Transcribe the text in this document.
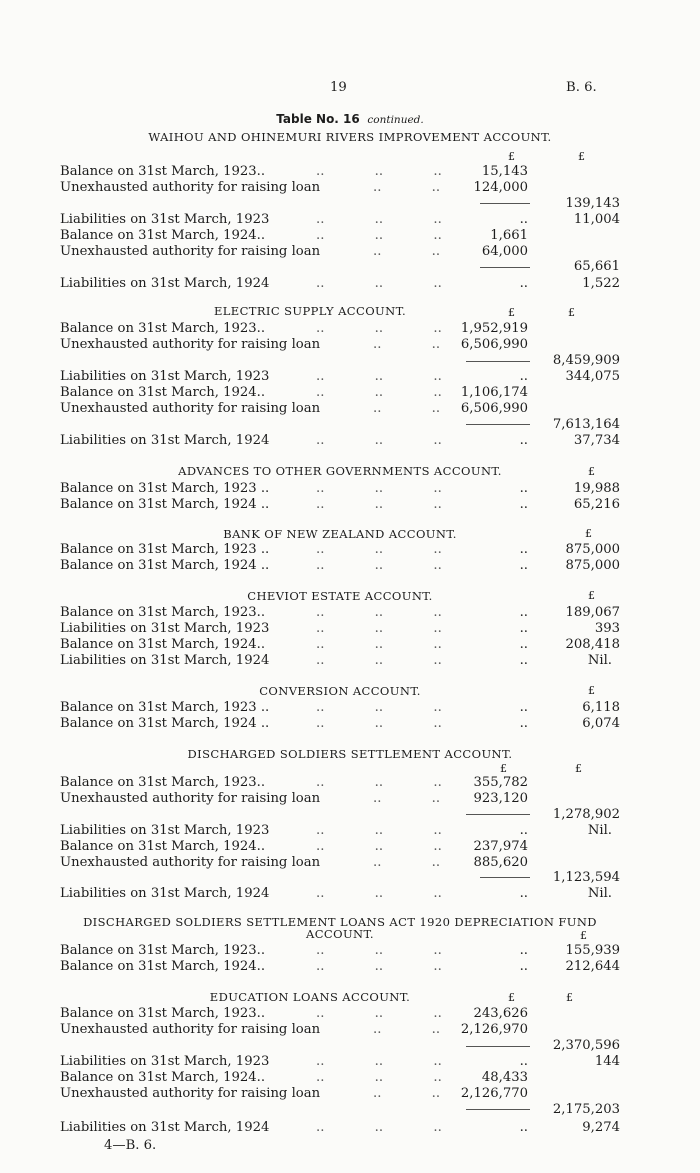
19	B. 6.
Table No. 16 continued.
WAIHOU AND OHINEMURI RIVERS IMPROVEMENT ACCOUNT.
£	£
Balance on 31st March, 1923..	..            ..            ..	15,143
Unexhausted authority for raising loan	..            ..	124,000
139,143
Liabilities on 31st March, 1923	..            ..            ..	..	11,004
Balance on 31st March, 1924..	..            ..            ..	1,661
Unexhausted authority for raising loan	..            ..	64,000
65,661
Liabilities on 31st March, 1924	..            ..            ..	..	1,522
ELECTRIC SUPPLY ACCOUNT.	£	£
Balance on 31st March, 1923..	..            ..            .. 1,952,919
Unexhausted authority for raising loan	..            .. 6,506,990
8,459,909
Liabilities on 31st March, 1923	..            ..            ..	..	344,075
Balance on 31st March, 1924..	..            ..            .. 1,106,174
Unexhausted authority for raising loan	..            .. 6,506,990
7,613,164
Liabilities on 31st March, 1924	..            ..            ..	..	37,734
ADVANCES TO OTHER GOVERNMENTS ACCOUNT.	£
Balance on 31st March, 1923 ..	..            ..            ..	..	19,988
Balance on 31st March, 1924 ..	..            ..            ..	..	65,216
BANK OF NEW ZEALAND ACCOUNT.	£
Balance on 31st March, 1923 ..	..            ..            ..	..	875,000
Balance on 31st March, 1924 ..	..            ..            ..	..	875,000
CHEVIOT ESTATE ACCOUNT.	£
Balance on 31st March, 1923..	..            ..            ..	..	189,067
Liabilities on 31st March, 1923	..            ..            ..	..	393
Balance on 31st March, 1924..	..            ..            ..	..	208,418
Liabilities on 31st March, 1924	..            ..            ..	..	Nil.
CONVERSION ACCOUNT.	£
Balance on 31st March, 1923 ..	..            ..            ..	..	6,118
Balance on 31st March, 1924 ..	..            ..            ..	..	6,074
DISCHARGED SOLDIERS SETTLEMENT ACCOUNT.
£	£
Balance on 31st March, 1923..	..            ..            .. 355,782
Unexhausted authority for raising loan	..            ..	923,120
1,278,902
Liabilities on 31st March, 1923	..            ..            ..	..	Nil.
Balance on 31st March, 1924..	..            ..            .. 237,974
Unexhausted authority for raising loan	..            ..	885,620
1,123,594
Liabilities on 31st March, 1924	..            ..            ..	..	Nil.
DISCHARGED SOLDIERS SETTLEMENT LOANS ACT 1920 DEPRECIATION FUND
ACCOUNT.	£
Balance on 31st March, 1923..	..            ..            ..	..	155,939
Balance on 31st March, 1924..	..            ..            ..	..	212,644
EDUCATION LOANS ACCOUNT.	£	£
Balance on 31st March, 1923..	..            ..            .. 243,626
Unexhausted authority for raising loan	..            .. 2,126,970
2,370,596
Liabilities on 31st March, 1923	..            ..            ..	..	144
Balance on 31st March, 1924..	..            ..            ..	48,433
Unexhausted authority for raising loan	..            .. 2,126,770
2,175,203
Liabilities on 31st March, 1924	..            ..            ..	..	9,274
4—B. 6.
